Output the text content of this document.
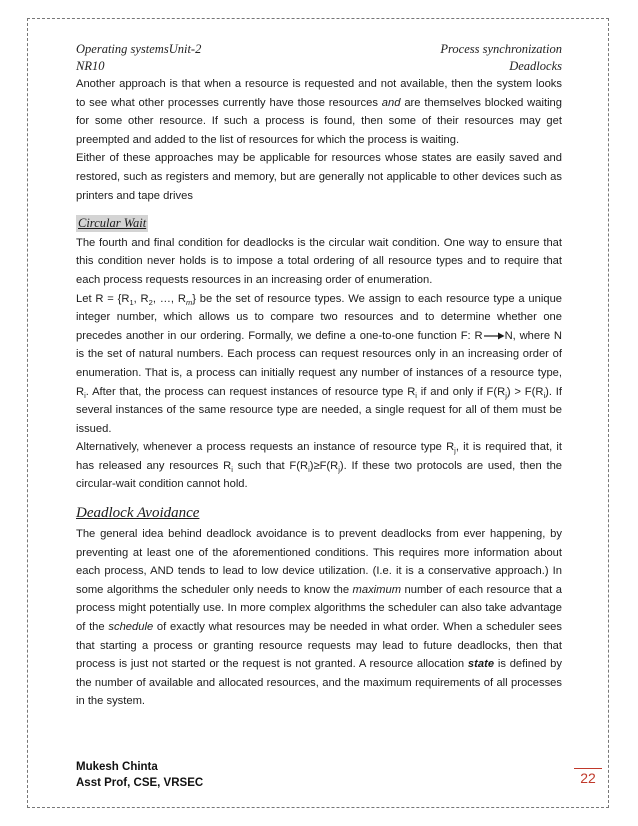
Operating systemsUnit-2	Process synchronization
NR10	Deadlocks

Another approach is that when a resource is requested and not available, then the system looks to see what other processes currently have those resources and are themselves blocked waiting for some other resource. If such a process is found, then some of their resources may get preempted and added to the list of resources for which the process is waiting.

Either of these approaches may be applicable for resources whose states are easily saved and restored, such as registers and memory, but are generally not applicable to other devices such as printers and tape drives

Circular Wait

The fourth and final condition for deadlocks is the circular wait condition. One way to ensure that this condition never holds is to impose a total ordering of all resource types and to require that each process requests resources in an increasing order of enumeration.

Let $R = \{R_1$, $R_2$, …, $R_m$} be the set of resource types. We assign to each resource type a unique integer number, which allows us to compare two resources and to determine whether one precedes another in our ordering. Formally, we define a one-to-one function F: R N, where N is the set of natural numbers. Each process can request resources only in an increasing order of enumeration. That is, a process can initially request any number of instances of a resource type, $R_i$. After that, the process can request instances of resource type $R_i$ if and only if $F(R_j) > F(R_i)$. If several instances of the same resource type are needed, a single request for all of them must be issued.

Alternatively, whenever a process requests an instance of resource type $R_j$, it is required that, it has released any resources $R_i$ such that $F(R_i)\ge F(R_j)$. If these two protocols are used, then the circular-wait condition cannot hold.

Deadlock Avoidance

The general idea behind deadlock avoidance is to prevent deadlocks from ever happening, by preventing at least one of the aforementioned conditions. This requires more information about each process, AND tends to lead to low device utilization. (I.e. it is a conservative approach.) In some algorithms the scheduler only needs to know the maximum number of each resource that a process might potentially use. In more complex algorithms the scheduler can also take advantage of the schedule of exactly what resources may be needed in what order. When a scheduler sees that starting a process or granting resource requests may lead to future deadlocks, then that process is just not started or the request is not granted. A resource allocation state is defined by the number of available and allocated resources, and the maximum requirements of all processes in the system.

Mukesh Chinta
Asst Prof, CSE, VRSEC	22
